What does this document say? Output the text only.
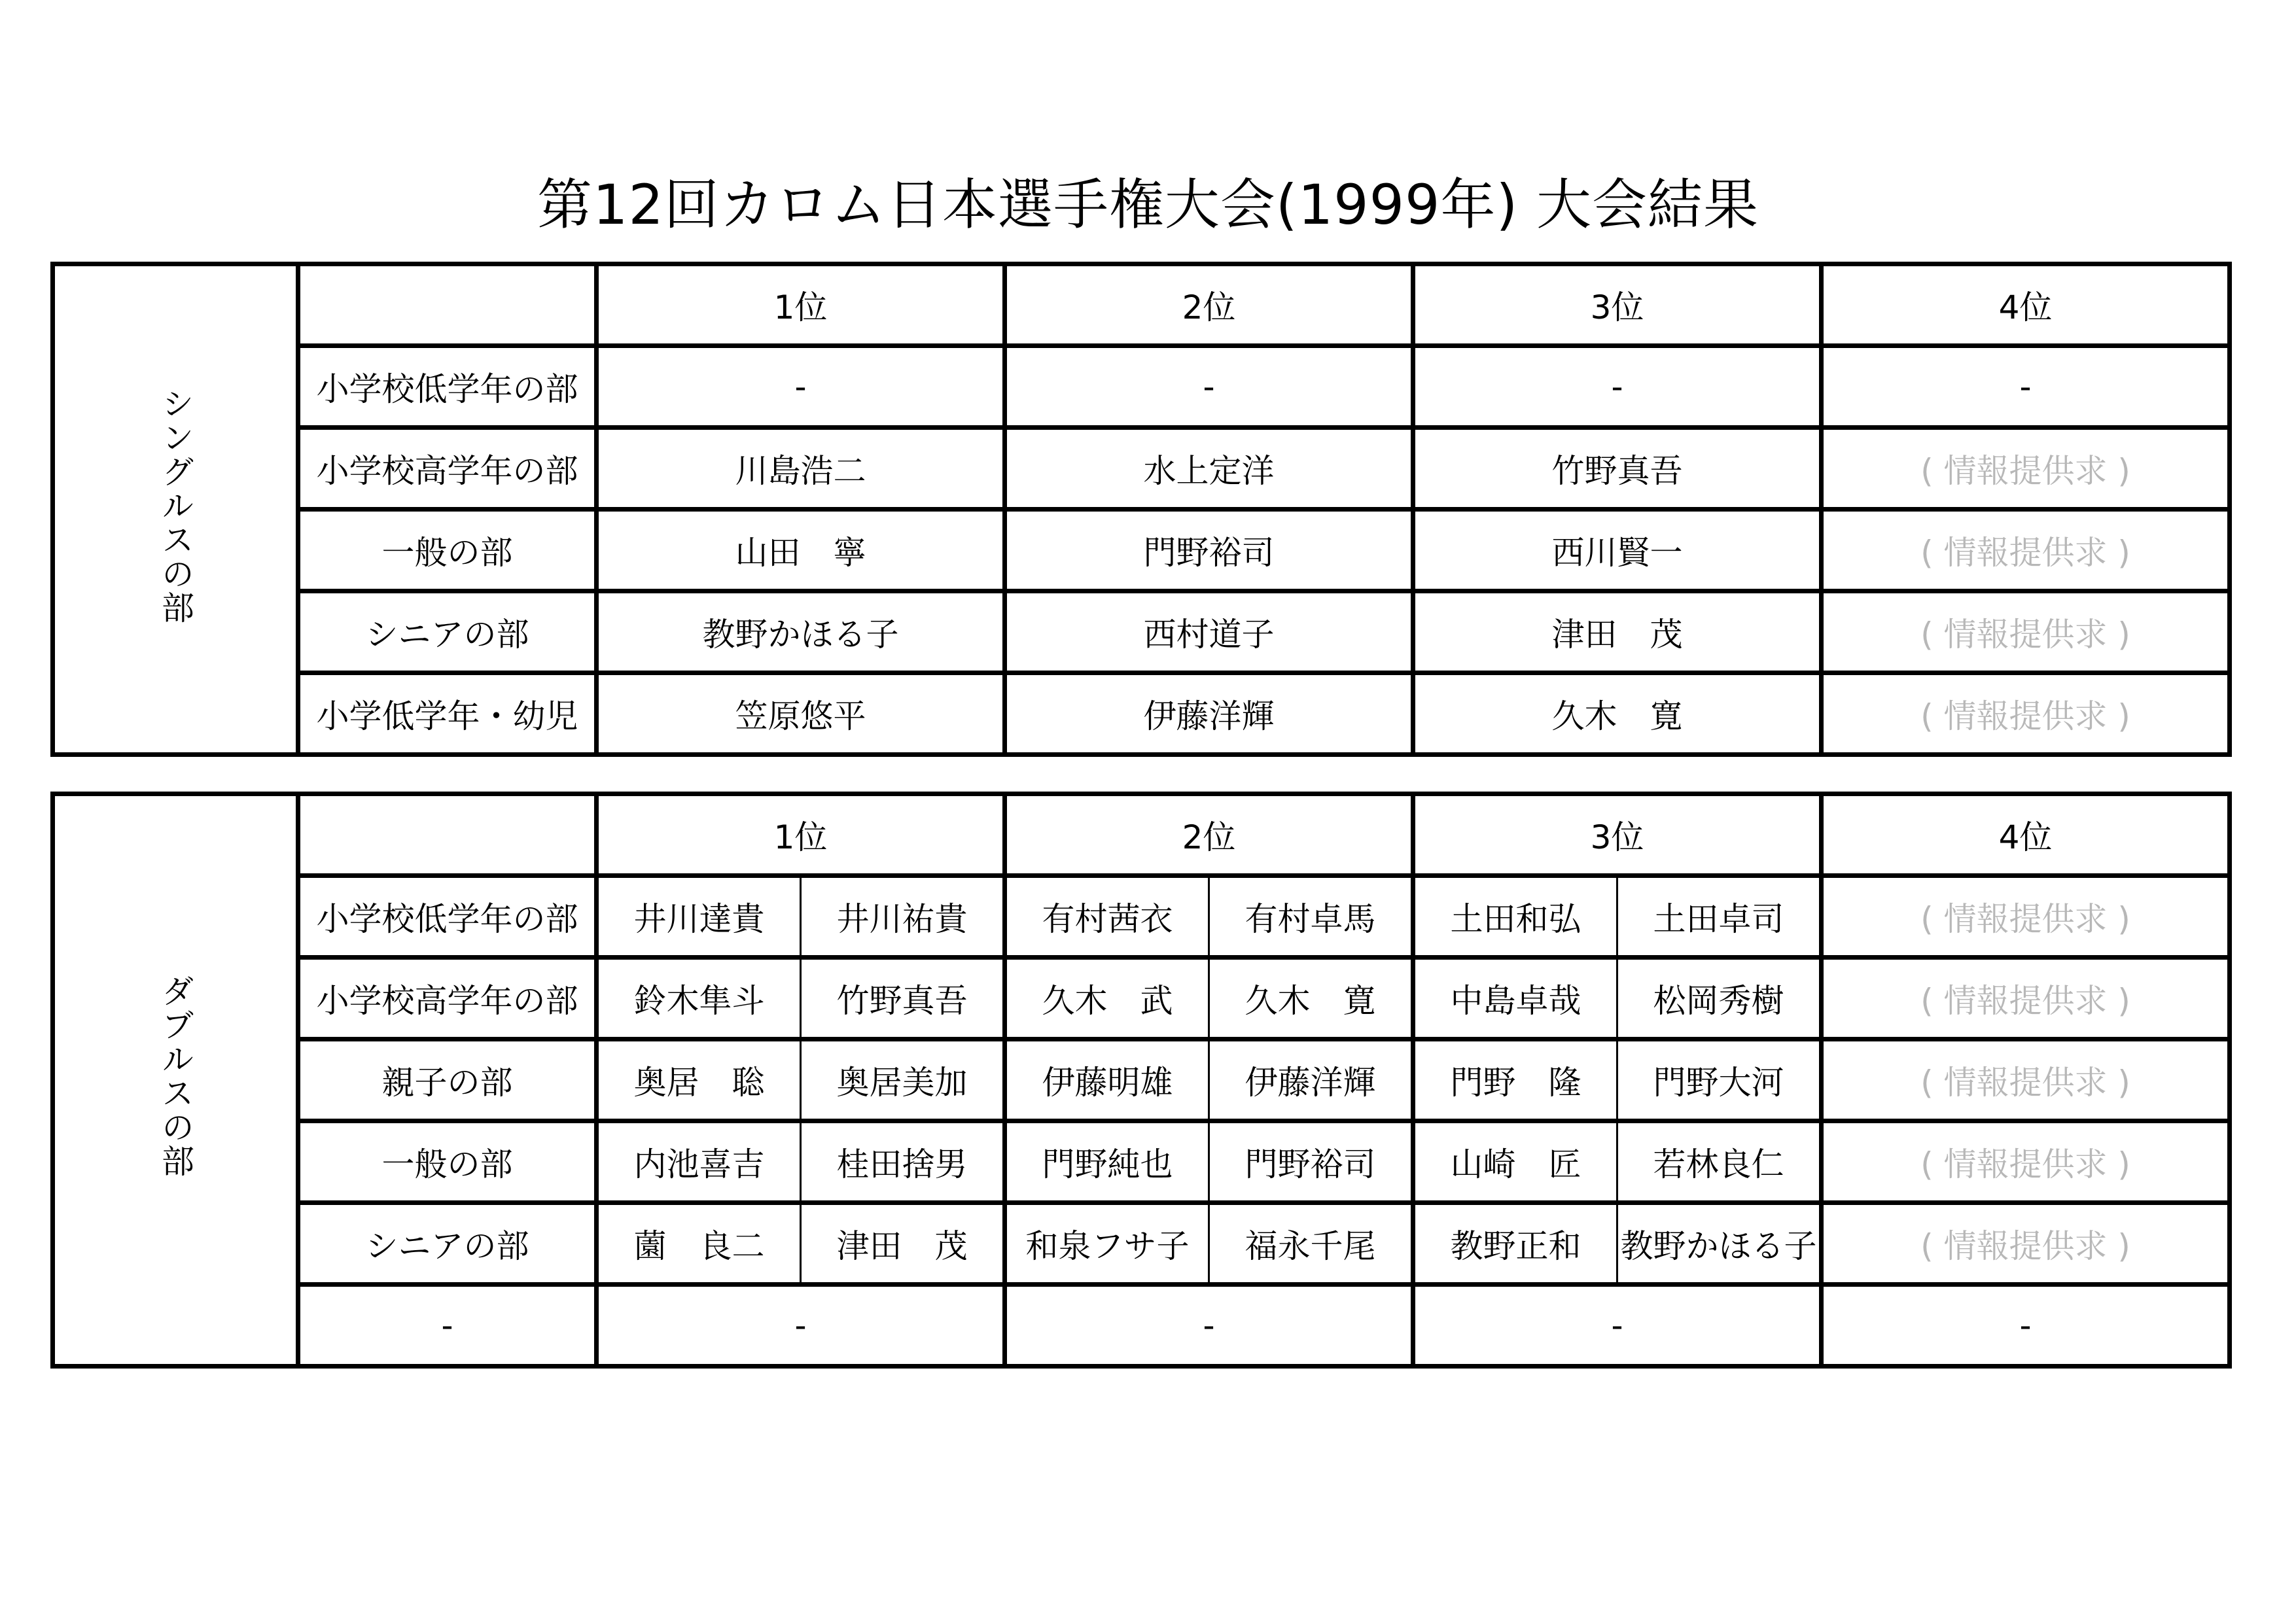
第12回カロム日本選手権大会(1999年) 大会結果
シングルスの部		1位	2位	3位	4位
	小学校低学年の部	-	-	-	-
	小学校高学年の部	川島浩二	水上定洋	竹野真吾	( 情報提供求 )
	一般の部	山田　寧	門野裕司	西川賢一	( 情報提供求 )
	シニアの部	教野かほる子	西村道子	津田　茂	( 情報提供求 )
	小学低学年・幼児	笠原悠平	伊藤洋輝	久木　寛	( 情報提供求 )
ダブルスの部		1位		2位		3位		4位
	小学校低学年の部	井川達貴	井川祐貴	有村茜衣	有村卓馬	土田和弘	土田卓司	( 情報提供求 )
	小学校高学年の部	鈴木隼斗	竹野真吾	久木　武	久木　寛	中島卓哉	松岡秀樹	( 情報提供求 )
	親子の部	奥居　聡	奥居美加	伊藤明雄	伊藤洋輝	門野　隆	門野大河	( 情報提供求 )
	一般の部	内池喜吉	桂田捨男	門野純也	門野裕司	山崎　匠	若林良仁	( 情報提供求 )
	シニアの部	薗　良二	津田　茂	和泉フサ子	福永千尾	教野正和	教野かほる子	( 情報提供求 )
	-	-		-		-		-
